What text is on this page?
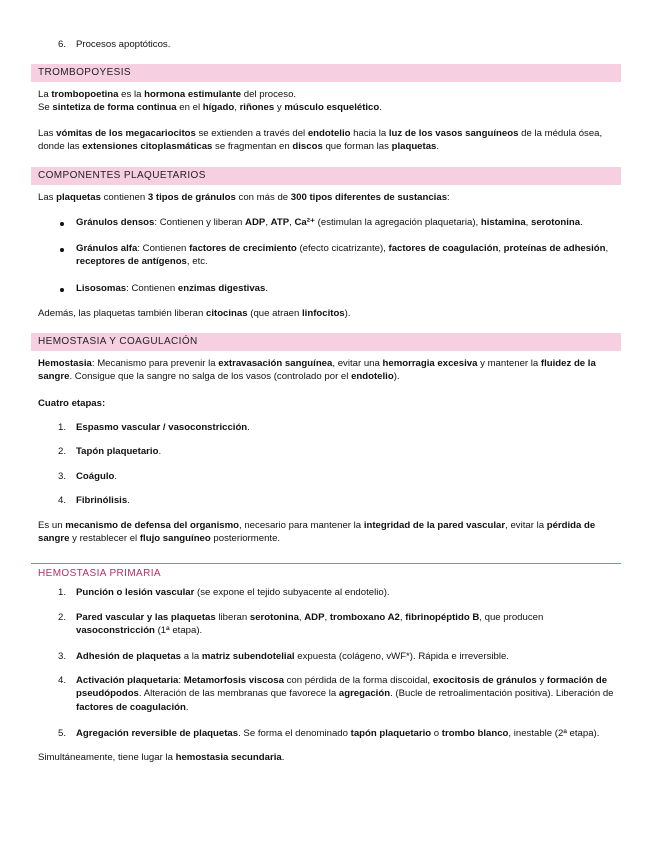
6.	Procesos apoptóticos.
TROMBOPOYESIS

La trombopoetina es la hormona estimulante del proceso.
Se sintetiza de forma continua en el hígado, riñones y músculo esquelético.

Las vómitas de los megacariocitos se extienden a través del endotelio hacia la luz de los vasos sanguíneos de la médula ósea, donde las extensiones citoplasmáticas se fragmentan en discos que forman las plaquetas.

COMPONENTES PLAQUETARIOS

Las plaquetas contienen 3 tipos de gránulos con más de 300 tipos diferentes de sustancias:

Gránulos densos: Contienen y liberan ADP, ATP, Ca²⁺ (estimulan la agregación plaquetaria), histamina, serotonina.
Gránulos alfa: Contienen factores de crecimiento (efecto cicatrizante), factores de coagulación, proteínas de adhesión, receptores de antígenos, etc.
Lisosomas: Contienen enzimas digestivas.

Además, las plaquetas también liberan citocinas (que atraen linfocitos).

HEMOSTASIA Y COAGULACIÓN

Hemostasia: Mecanismo para prevenir la extravasación sanguínea, evitar una hemorragia excesiva y mantener la fluidez de la sangre. Consigue que la sangre no salga de los vasos (controlado por el endotelio).

Cuatro etapas:

1.	Espasmo vascular / vasoconstricción.
2.	Tapón plaquetario.
3.	Coágulo.
4.	Fibrinólisis.

Es un mecanismo de defensa del organismo, necesario para mantener la integridad de la pared vascular, evitar la pérdida de sangre y restablecer el flujo sanguíneo posteriormente.

HEMOSTASIA PRIMARIA
1.	Punción o lesión vascular (se expone el tejido subyacente al endotelio).
2.	Pared vascular y las plaquetas liberan serotonina, ADP, tromboxano A2, fibrinopéptido B, que producen vasoconstricción (1ª etapa).
3.	Adhesión de plaquetas a la matriz subendotelial expuesta (colágeno, vWF*). Rápida e irreversible.
4.	Activación plaquetaria: Metamorfosis viscosa con pérdida de la forma discoidal, exocitosis de gránulos y formación de pseudópodos. Alteración de las membranas que favorece la agregación. (Bucle de retroalimentación positiva). Liberación de factores de coagulación.
5.	Agregación reversible de plaquetas. Se forma el denominado tapón plaquetario o trombo blanco, inestable (2ª etapa).

Simultáneamente, tiene lugar la hemostasia secundaria.
